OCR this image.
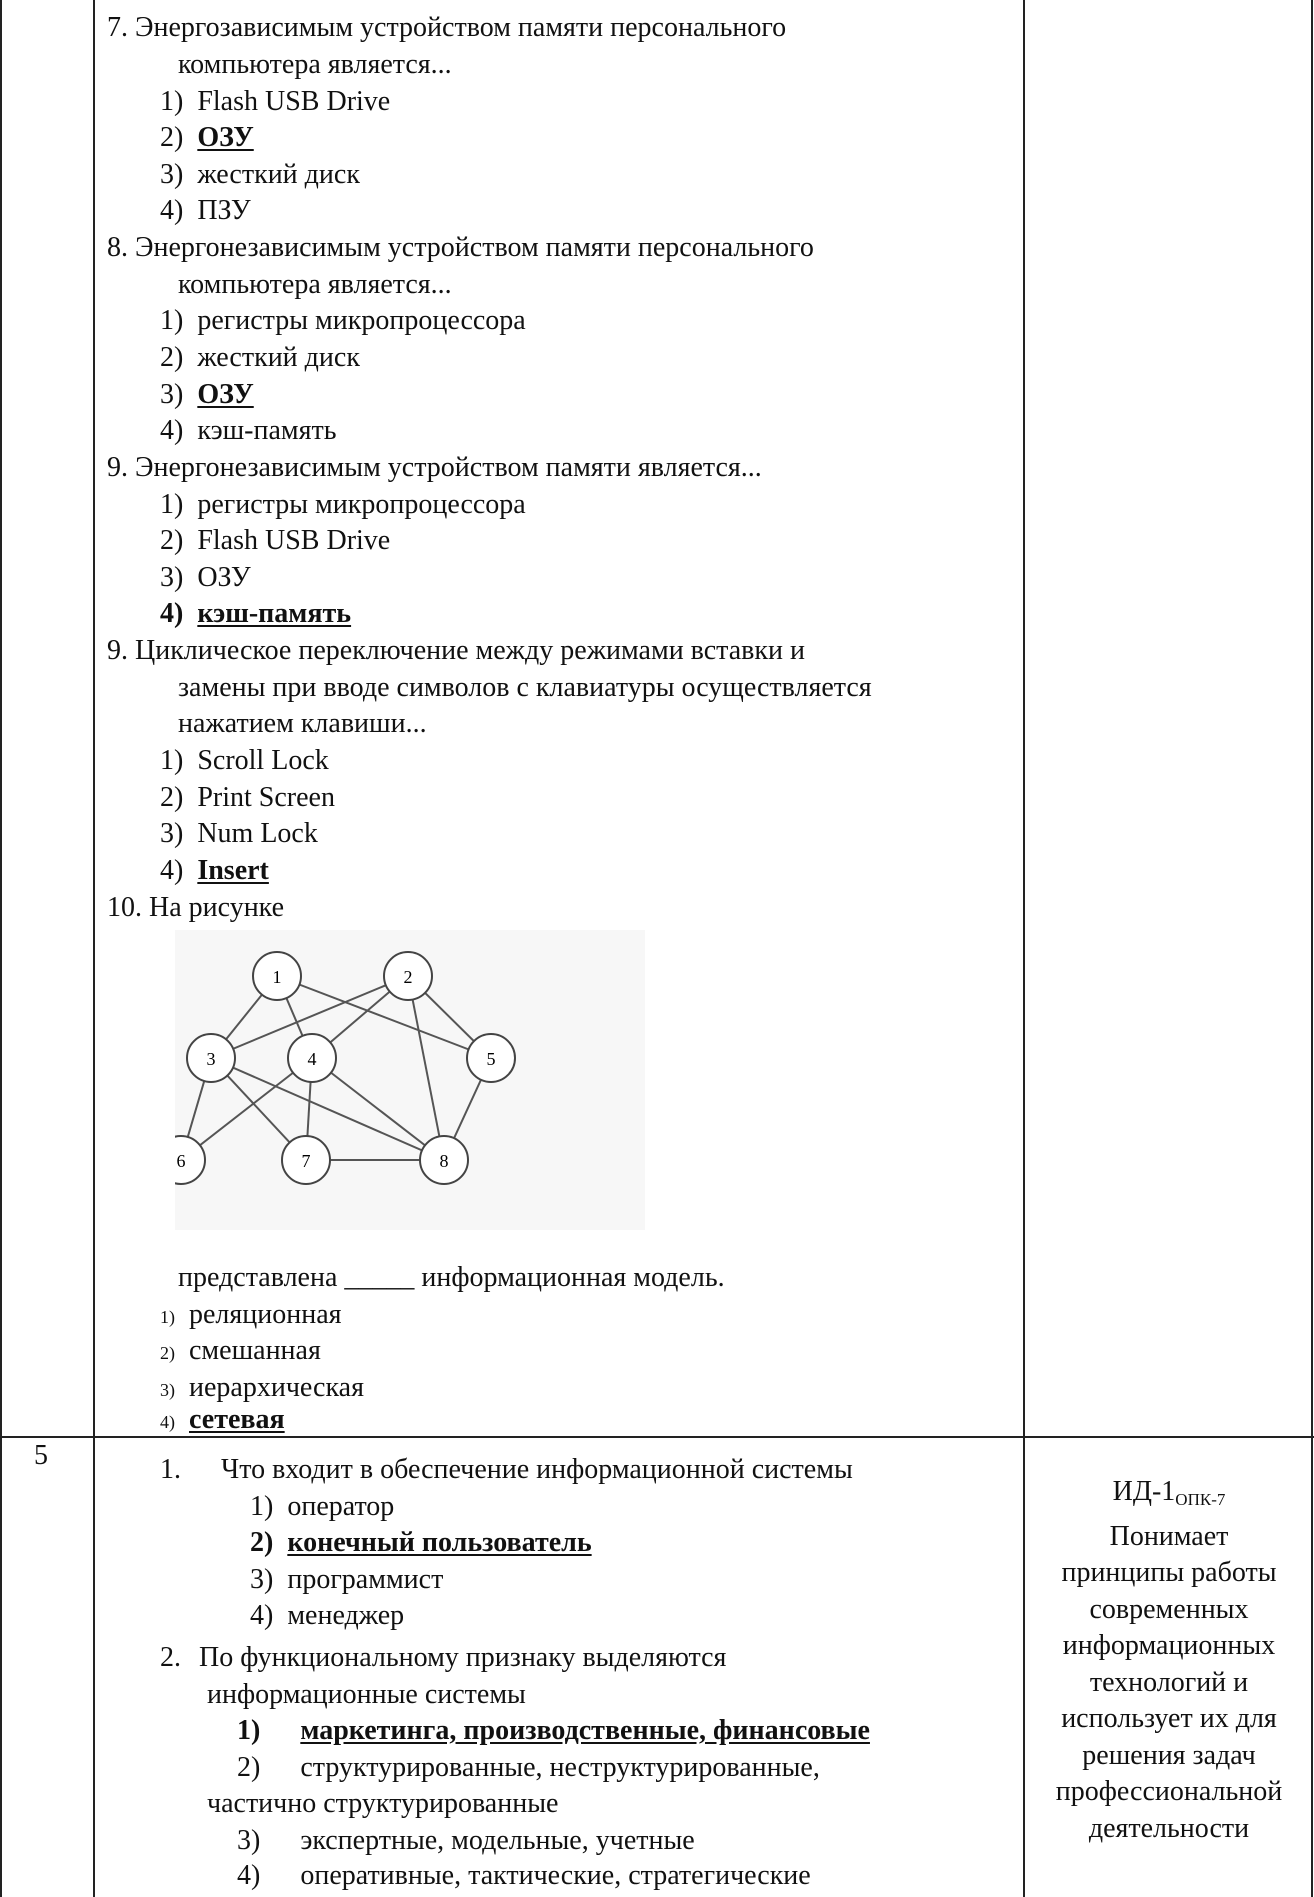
7. Энергозависимым устройством памяти персонального
компьютера является...
1) Flash USB Drive
2) ОЗУ
3) жесткий диск
4) ПЗУ
8. Энергонезависимым устройством памяти персонального
компьютера является...
1) регистры микропроцессора
2) жесткий диск
3) ОЗУ
4) кэш-память
9. Энергонезависимым устройством памяти является...
1) регистры микропроцессора
2) Flash USB Drive
3) ОЗУ
4) кэш-память
9. Циклическое переключение между режимами вставки и
замены при вводе символов с клавиатуры осуществляется
нажатием клавиши...
1) Scroll Lock
2) Print Screen
3) Num Lock
4) Insert
10. На рисунке
1	2
3	4	5
6	7	8
представлена _____ информационная модель.
1) реляционная
2) смешанная
3) иерархическая
4) сетевая
5	1. Что входит в обеспечение информационной системы
1) оператор
2) конечный пользователь
3) программист
4) менеджер
2. По функциональному признаку выделяются
информационные системы
1) маркетинга, производственные, финансовые
2) структурированные, неструктурированные,
частично структурированные
3) экспертные, модельные, учетные
4) оперативные, тактические, стратегические
$ИД-1_{ОПК-7}$
Понимает
принципы работы
современных
информационных
технологий и
использует их для
решения задач
профессиональной
деятельности
